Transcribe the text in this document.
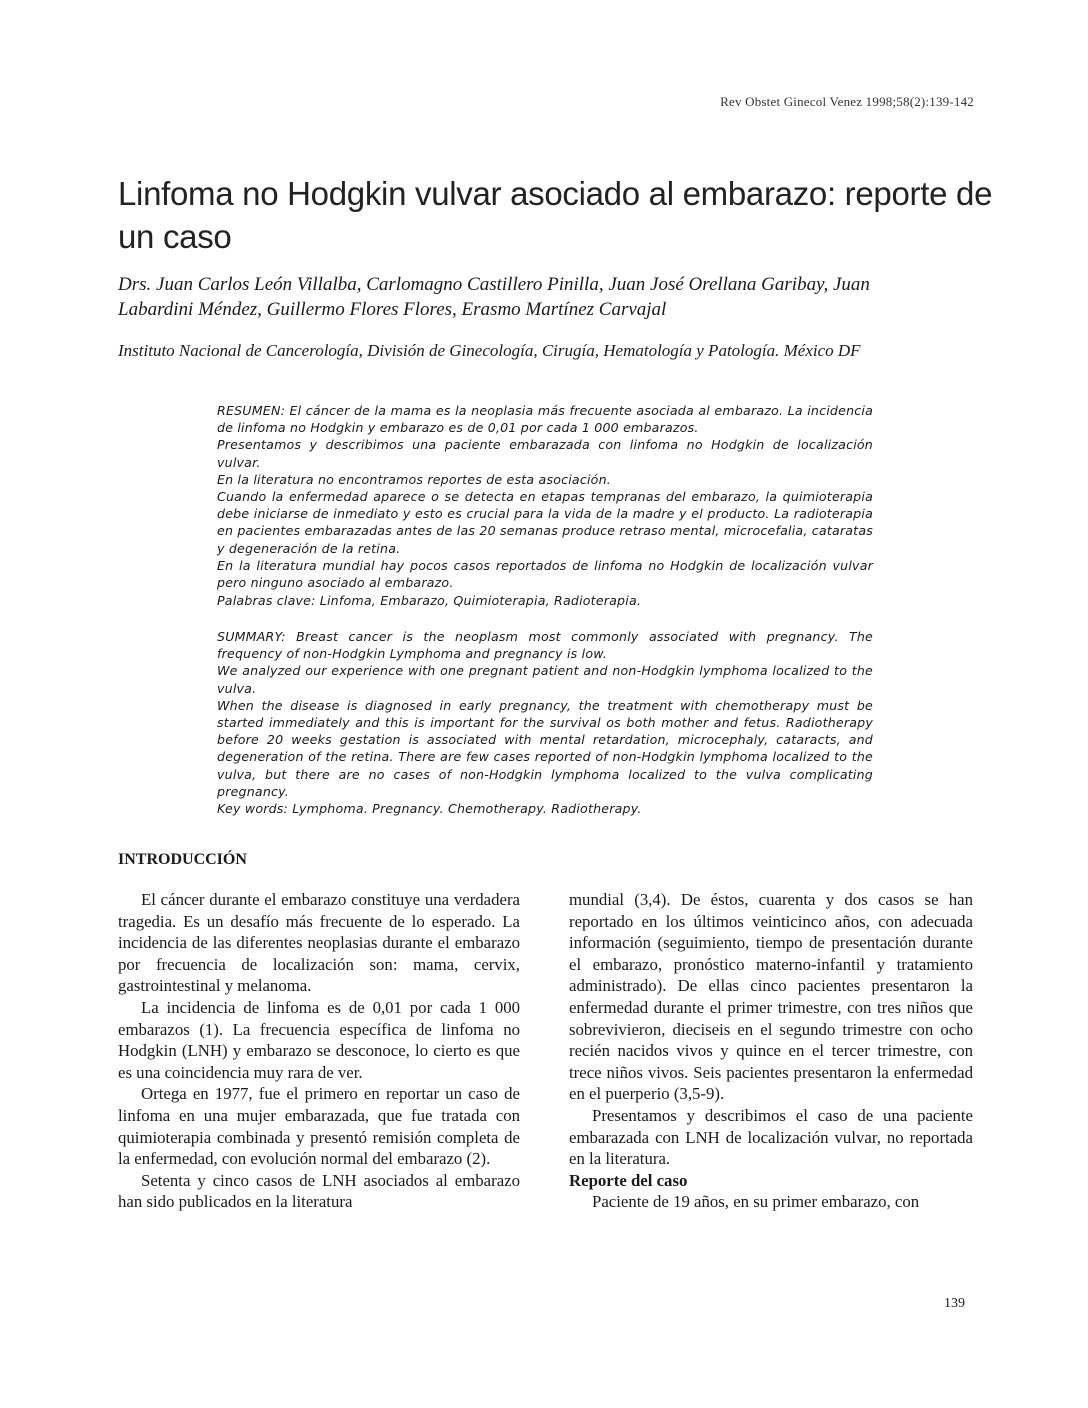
Rev Obstet Ginecol Venez 1998;58(2):139-142
Linfoma no Hodgkin vulvar asociado al embarazo: reporte de un caso
Drs. Juan Carlos León Villalba, Carlomagno Castillero Pinilla, Juan José Orellana Garibay, Juan Labardini Méndez, Guillermo Flores Flores, Erasmo Martínez Carvajal
Instituto Nacional de Cancerología, División de Ginecología, Cirugía, Hematología y Patología. México DF

RESUMEN: El cáncer de la mama es la neoplasia más frecuente asociada al embarazo. La incidencia de linfoma no Hodgkin y embarazo es de 0,01 por cada 1 000 embarazos.

Presentamos y describimos una paciente embarazada con linfoma no Hodgkin de localización vulvar.

En la literatura no encontramos reportes de esta asociación.

Cuando la enfermedad aparece o se detecta en etapas tempranas del embarazo, la quimioterapia debe iniciarse de inmediato y esto es crucial para la vida de la madre y el producto. La radioterapia en pacientes embarazadas antes de las 20 semanas produce retraso mental, microcefalia, cataratas y degeneración de la retina.

En la literatura mundial hay pocos casos reportados de linfoma no Hodgkin de localización vulvar pero ninguno asociado al embarazo.

Palabras clave: Linfoma, Embarazo, Quimioterapia, Radioterapia.

SUMMARY: Breast cancer is the neoplasm most commonly associated with pregnancy. The frequency of non-Hodgkin Lymphoma and pregnancy is low.

We analyzed our experience with one pregnant patient and non-Hodgkin lymphoma localized to the vulva.

When the disease is diagnosed in early pregnancy, the treatment with chemotherapy must be started immediately and this is important for the survival os both mother and fetus. Radiotherapy before 20 weeks gestation is associated with mental retardation, microcephaly, cataracts, and degeneration of the retina. There are few cases reported of non-Hodgkin lymphoma localized to the vulva, but there are no cases of non-Hodgkin lymphoma localized to the vulva complicating pregnancy.

Key words: Lymphoma. Pregnancy. Chemotherapy. Radiotherapy.
INTRODUCCIÓN

El cáncer durante el embarazo constituye una verdadera tragedia. Es un desafío más frecuente de lo esperado. La incidencia de las diferentes neoplasias durante el embarazo por frecuencia de localización son: mama, cervix, gastrointestinal y melanoma.

La incidencia de linfoma es de 0,01 por cada 1 000 embarazos (1). La frecuencia específica de linfoma no Hodgkin (LNH) y embarazo se desconoce, lo cierto es que es una coincidencia muy rara de ver.

Ortega en 1977, fue el primero en reportar un caso de linfoma en una mujer embarazada, que fue tratada con quimioterapia combinada y presentó remisión completa de la enfermedad, con evolución normal del embarazo (2).

Setenta y cinco casos de LNH asociados al embarazo han sido publicados en la literatura

mundial (3,4). De éstos, cuarenta y dos casos se han reportado en los últimos veinticinco años, con adecuada información (seguimiento, tiempo de presentación durante el embarazo, pronóstico materno-infantil y tratamiento administrado). De ellas cinco pacientes presentaron la enfermedad durante el primer trimestre, con tres niños que sobrevivieron, dieciseis en el segundo trimestre con ocho recién nacidos vivos y quince en el tercer trimestre, con trece niños vivos. Seis pacientes presentaron la enfermedad en el puerperio (3,5-9).

Presentamos y describimos el caso de una paciente embarazada con LNH de localización vulvar, no reportada en la literatura.

Reporte del caso

Paciente de 19 años, en su primer embarazo, con

139
